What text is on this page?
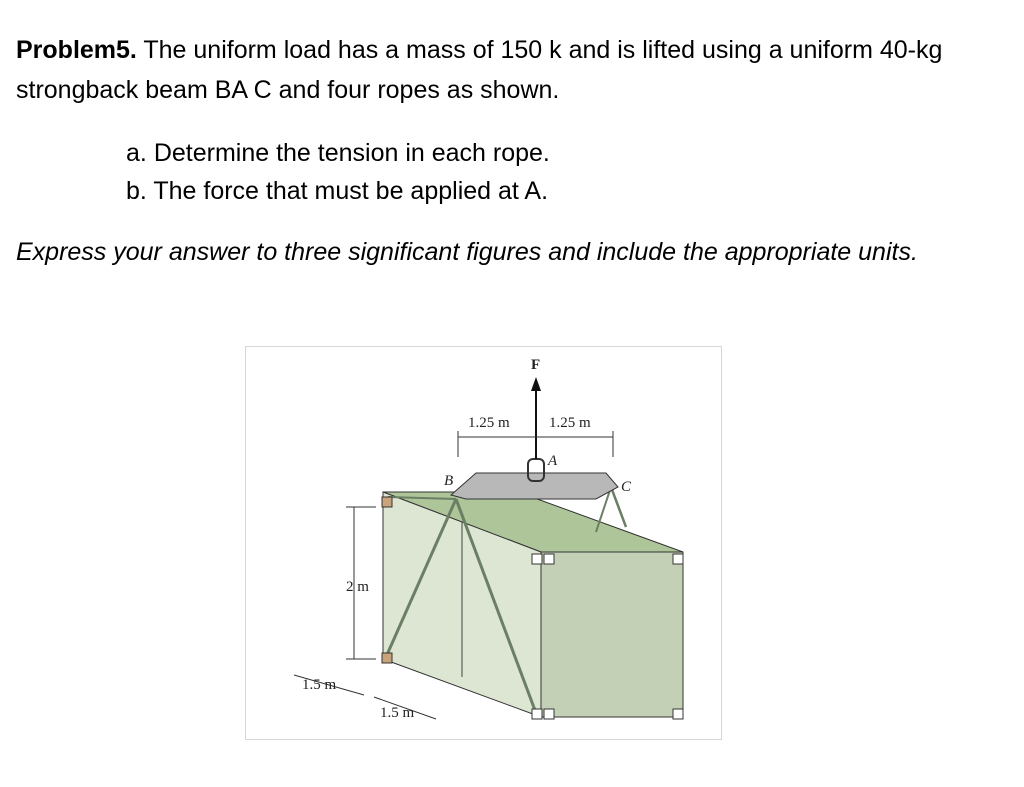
Problem5. The uniform load has a mass of 150 k and is lifted using a uniform 40-kg strongback beam BA C and four ropes as shown.
a. Determine the tension in each rope.
b. The force that must be applied at A.
Express your answer to three significant figures and include the appropriate units.
F
1.25 m	1.25 m
A
B	C
2 m
1.5 m
1.5 m
